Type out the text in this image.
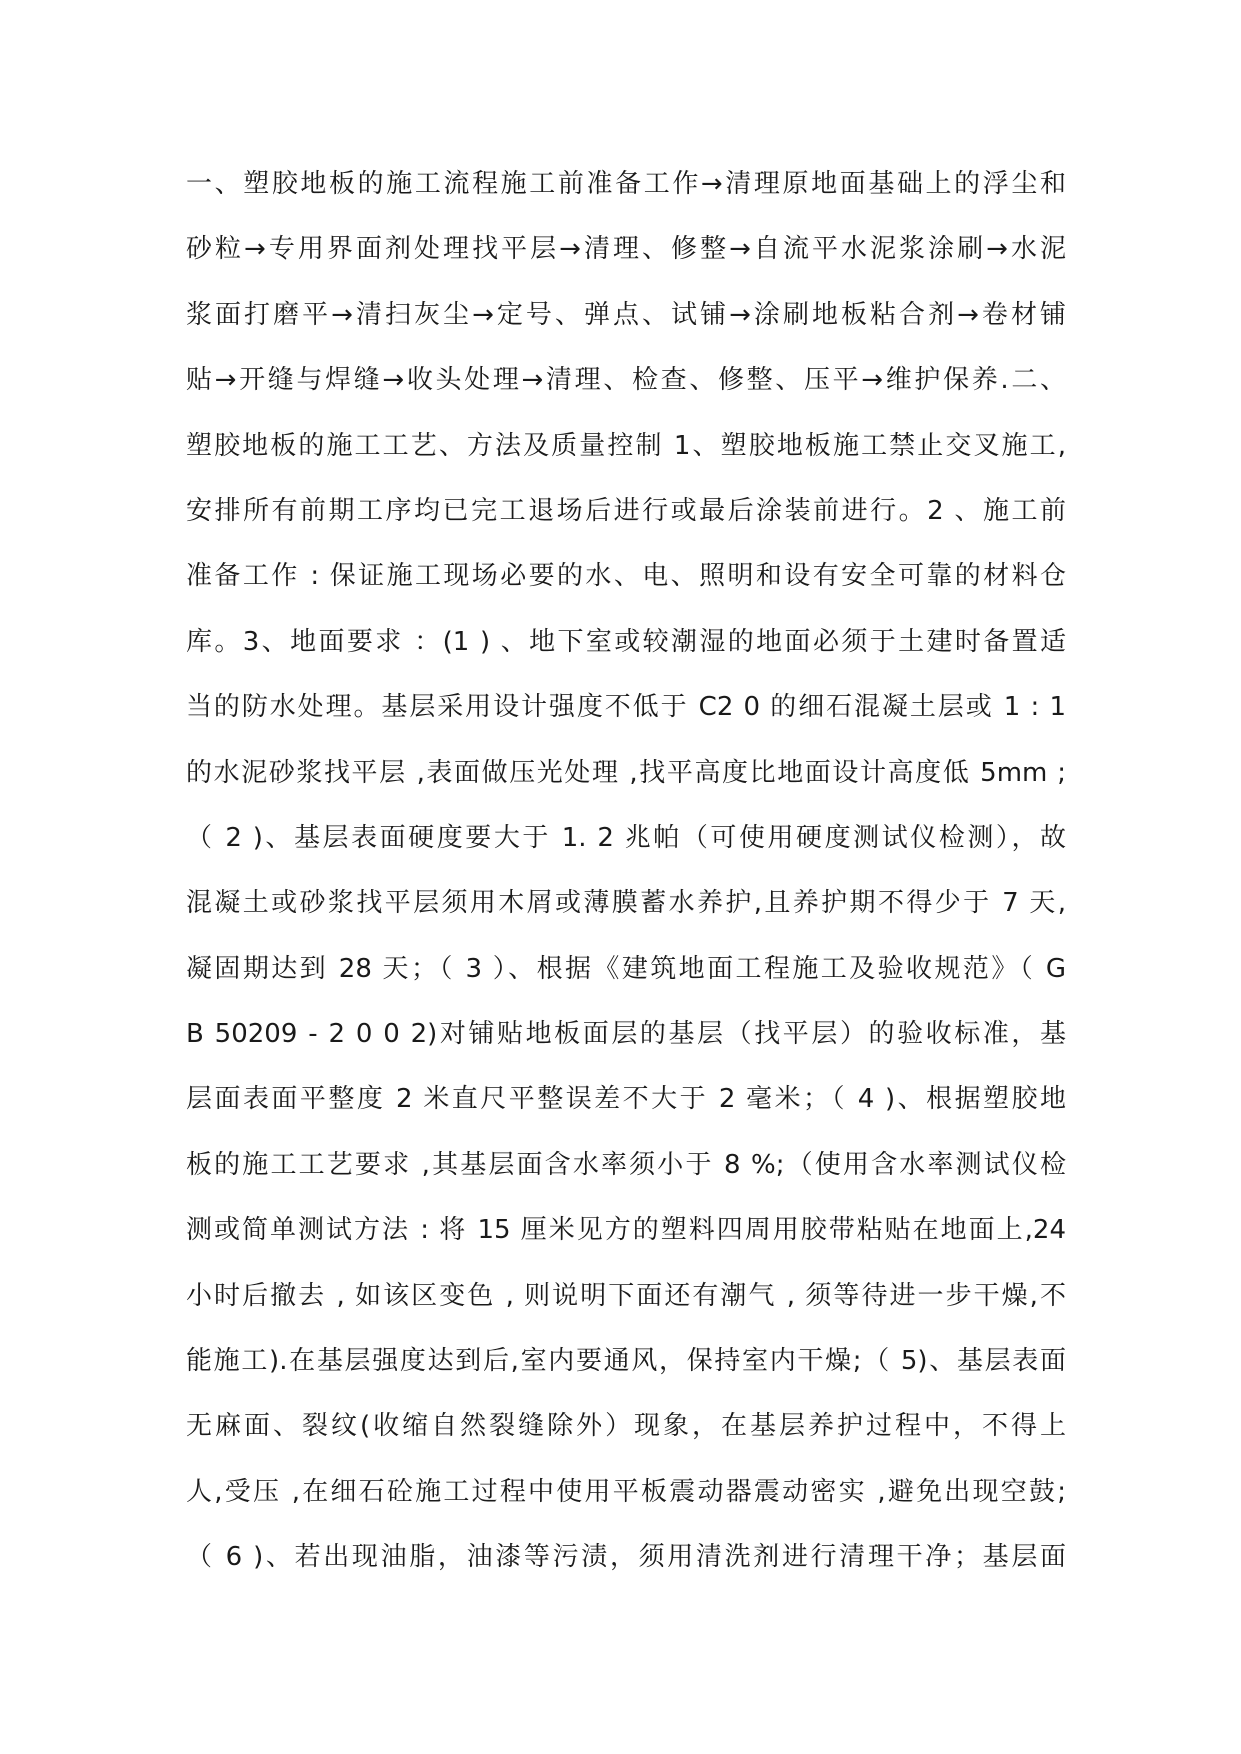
一、塑胶地板的施工流程施工前准备工作→清理原地面基础上的浮尘和
砂粒→专用界面剂处理找平层→清理、修整→自流平水泥浆涂刷→水泥
浆面打磨平→清扫灰尘→定号、弹点、试铺→涂刷地板粘合剂→卷材铺
贴→开缝与焊缝→收头处理→清理、检查、修整、压平→维护保养.二、
塑胶地板的施工工艺、方法及质量控制 1、塑胶地板施工禁止交叉施工,
安排所有前期工序均已完工退场后进行或最后涂装前进行。2 、施工前
准备工作 : 保证施工现场必要的水、电、照明和设有安全可靠的材料仓
库。3、地面要求 ：(1 ) 、地下室或较潮湿的地面必须于土建时备置适
当的防水处理。基层采用设计强度不低于 C2 0 的细石混凝土层或 1 : 1
的水泥砂浆找平层 ,表面做压光处理 ,找平高度比地面设计高度低 5mm ;
（ 2 )、基层表面硬度要大于 1. 2 兆帕（可使用硬度测试仪检测），故
混凝土或砂浆找平层须用木屑或薄膜蓄水养护,且养护期不得少于 7 天,
凝固期达到 28 天；（ 3 ）、根据《建筑地面工程施工及验收规范》（ G
B 50209 - 2 0 0 2)对铺贴地板面层的基层（找平层）的验收标准，基
层面表面平整度 2 米直尺平整误差不大于 2 毫米；（ 4 )、根据塑胶地
板的施工工艺要求 ,其基层面含水率须小于 8 %;（使用含水率测试仪检
测或简单测试方法 : 将 15 厘米见方的塑料四周用胶带粘贴在地面上,24
小时后撤去 , 如该区变色 , 则说明下面还有潮气 , 须等待进一步干燥,不
能施工).在基层强度达到后,室内要通风，保持室内干燥;（ 5)、基层表面
无麻面、裂纹(收缩自然裂缝除外）现象，在基层养护过程中，不得上
人,受压 ,在细石砼施工过程中使用平板震动器震动密实 ,避免出现空鼓;
（ 6 )、若出现油脂，油漆等污渍，须用清洗剂进行清理干净；基层面
